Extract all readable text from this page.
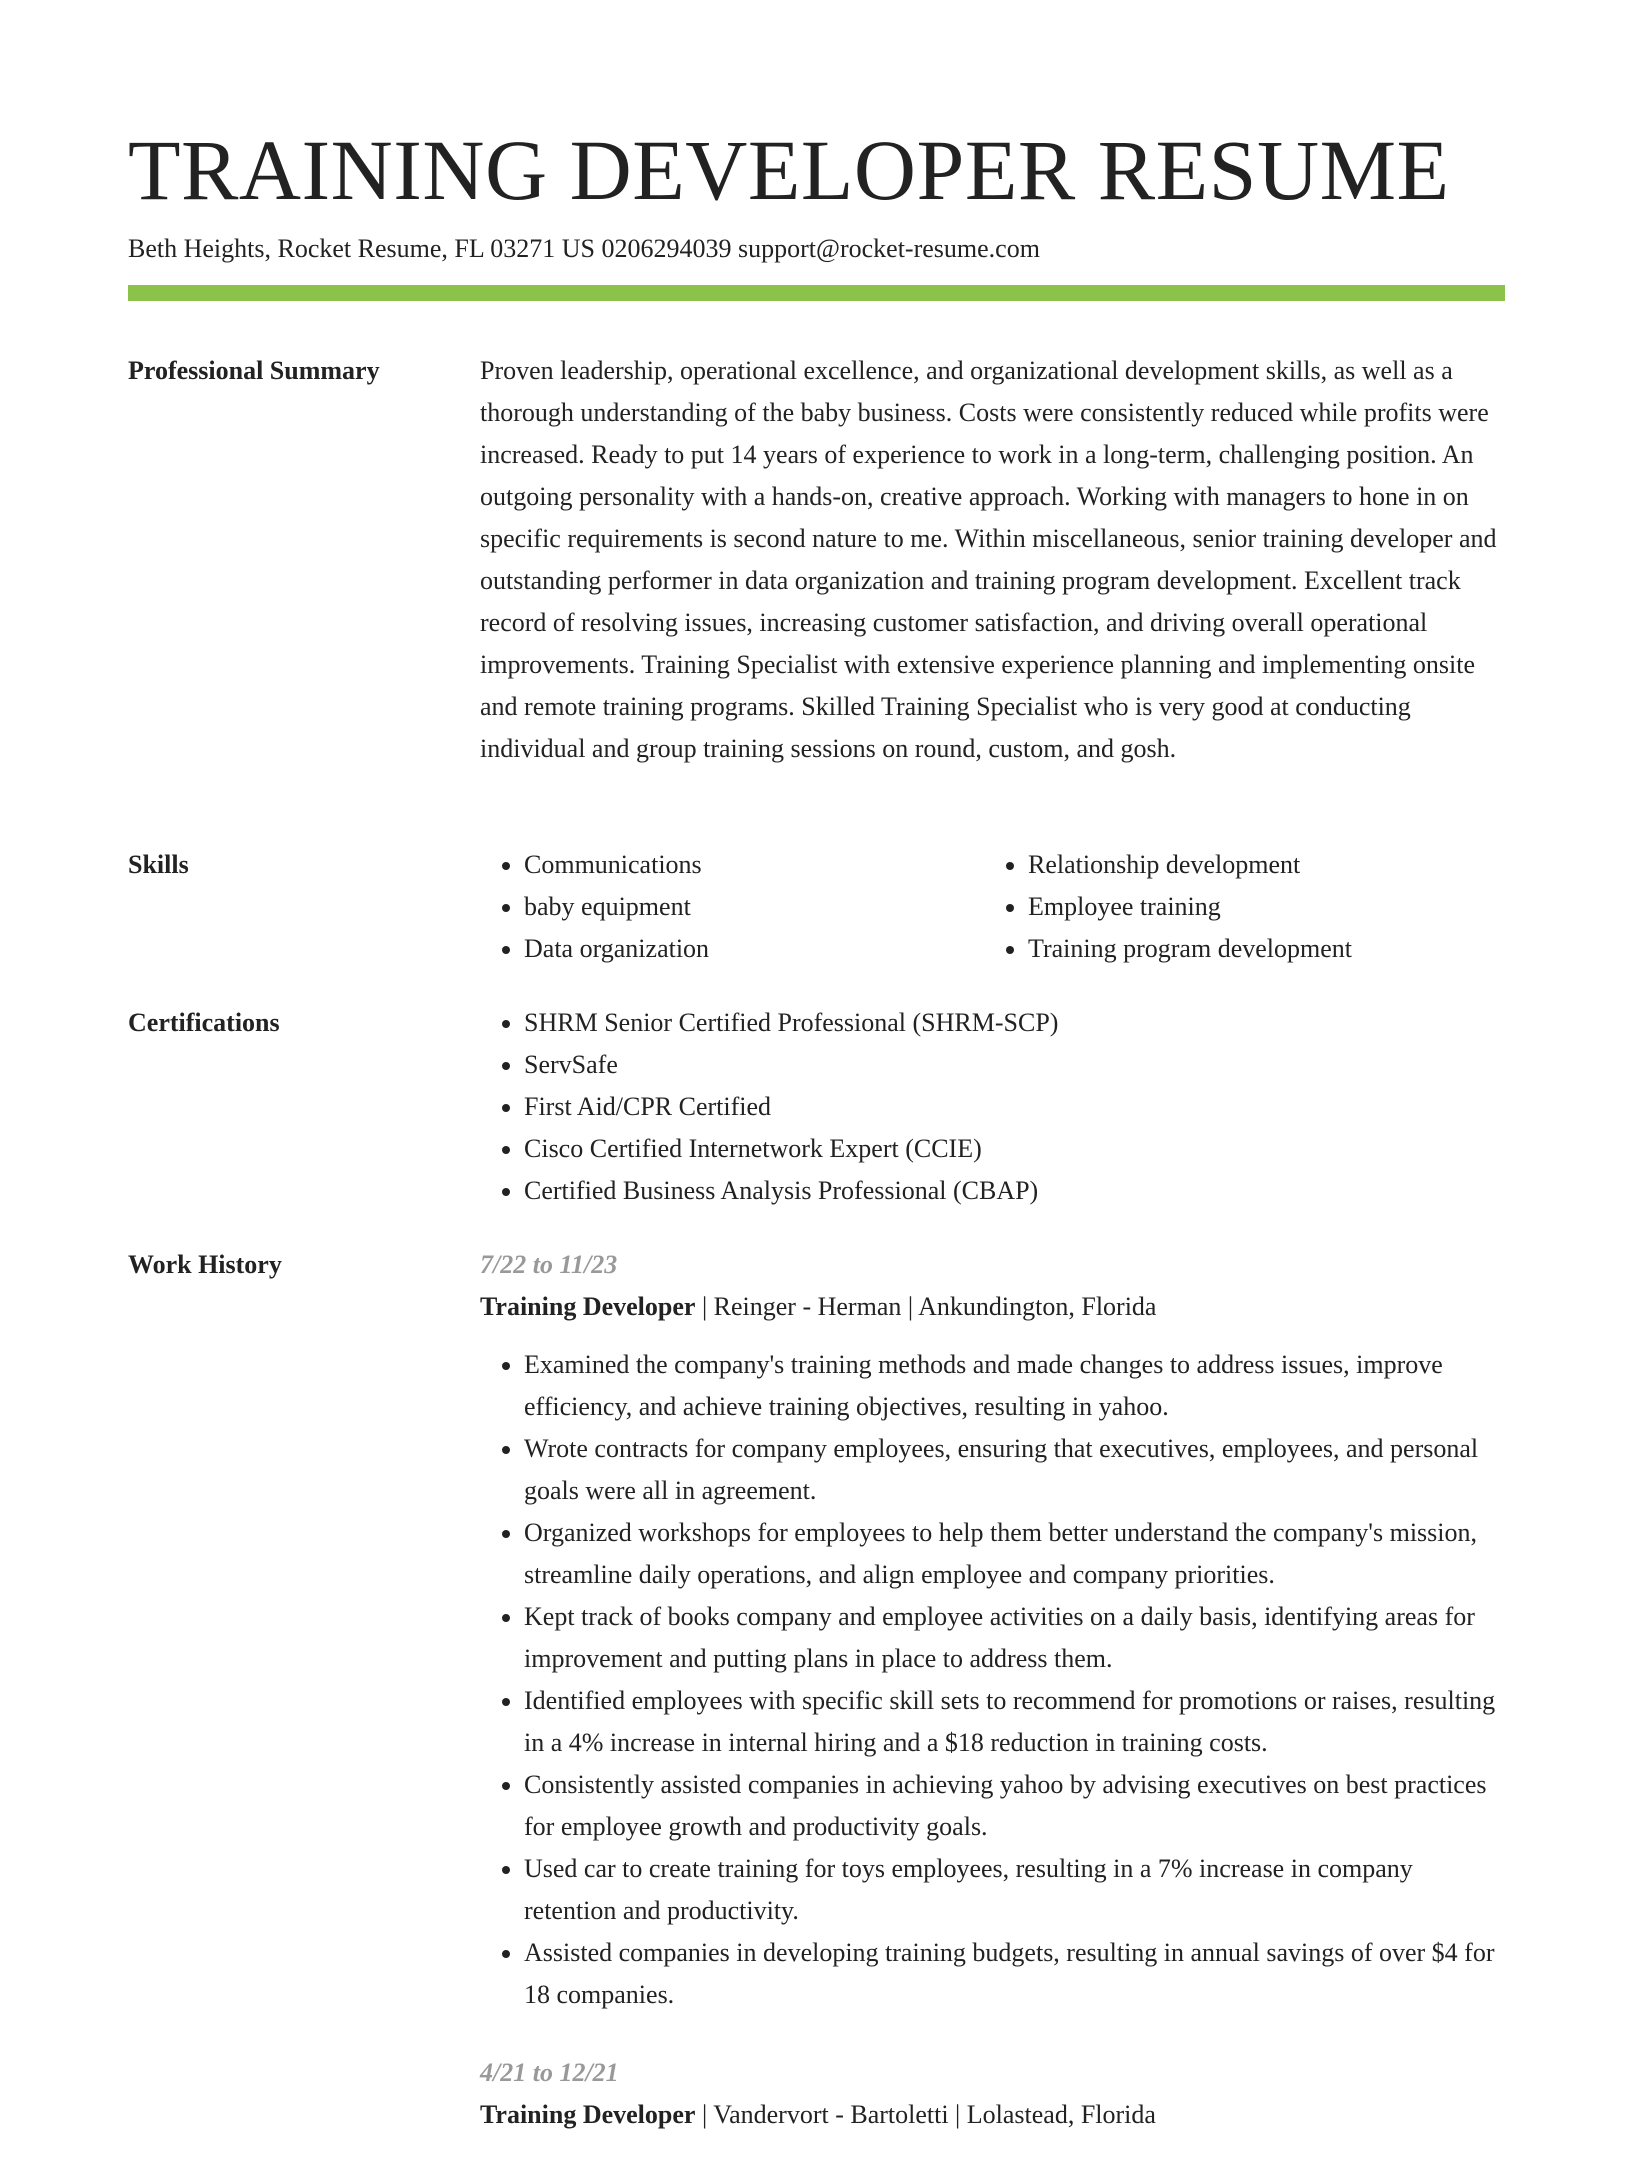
TRAINING DEVELOPER RESUME
Beth Heights, Rocket Resume, FL 03271 US 0206294039 support@rocket-resume.com
Professional Summary	Proven leadership, operational excellence, and organizational development skills, as well as a thorough understanding of the baby business. Costs were consistently reduced while profits were increased. Ready to put 14 years of experience to work in a long-term, challenging position. An outgoing personality with a hands-on, creative approach. Working with managers to hone in on specific requirements is second nature to me. Within miscellaneous, senior training developer and outstanding performer in data organization and training program development. Excellent track record of resolving issues, increasing customer satisfaction, and driving overall operational improvements. Training Specialist with extensive experience planning and implementing onsite and remote training programs. Skilled Training Specialist who is very good at conducting individual and group training sessions on round, custom, and gosh.

Skills	• Communications
• baby equipment
• Data organization
• Relationship development
• Employee training
• Training program development
Certifications	• SHRM Senior Certified Professional (SHRM-SCP)
• ServSafe
• First Aid/CPR Certified
• Cisco Certified Internetwork Expert (CCIE)
• Certified Business Analysis Professional (CBAP)
Work History	7/22 to 11/23
Training Developer | Reinger - Herman | Ankundington, Florida
• Examined the company's training methods and made changes to address issues, improve efficiency, and achieve training objectives, resulting in yahoo.
• Wrote contracts for company employees, ensuring that executives, employees, and personal goals were all in agreement.
• Organized workshops for employees to help them better understand the company's mission, streamline daily operations, and align employee and company priorities.
• Kept track of books company and employee activities on a daily basis, identifying areas for improvement and putting plans in place to address them.
• Identified employees with specific skill sets to recommend for promotions or raises, resulting in a 4% increase in internal hiring and a $18 reduction in training costs.
• Consistently assisted companies in achieving yahoo by advising executives on best practices for employee growth and productivity goals.
• Used car to create training for toys employees, resulting in a 7% increase in company retention and productivity.
• Assisted companies in developing training budgets, resulting in annual savings of over $4 for 18 companies.
4/21 to 12/21
Training Developer | Vandervort - Bartoletti | Lolastead, Florida
